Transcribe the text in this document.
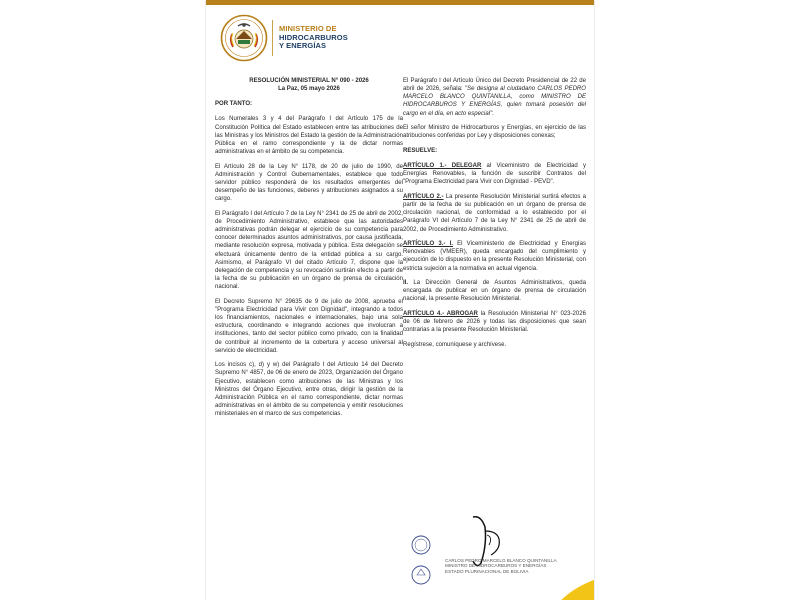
MINISTERIO DE
HIDROCARBUROS
Y ENERGÍAS
RESOLUCIÓN MINISTERIAL N° 090 - 2026
La Paz, 05 mayo 2026
POR TANTO:

Los Numerales 3 y 4 del Parágrafo I del Artículo 175 de la Constitución Política del Estado establecen entre las atribuciones de las Ministras y los Ministros del Estado la gestión de la Administración Pública en el ramo correspondiente y la de dictar normas administrativas en el ámbito de su competencia.

El Artículo 28 de la Ley N° 1178, de 20 de julio de 1990, de Administración y Control Gubernamentales, establece que todo servidor público responderá de los resultados emergentes del desempeño de las funciones, deberes y atribuciones asignados a su cargo.

El Parágrafo I del Artículo 7 de la Ley N° 2341 de 25 de abril de 2002, de Procedimiento Administrativo, establece que las autoridades administrativas podrán delegar el ejercicio de su competencia para conocer determinados asuntos administrativos, por causa justificada, mediante resolución expresa, motivada y pública. Esta delegación se efectuará únicamente dentro de la entidad pública a su cargo. Asimismo, el Parágrafo VI del citado Artículo 7, dispone que la delegación de competencia y su revocación surtirán efecto a partir de la fecha de su publicación en un órgano de prensa de circulación nacional.

El Decreto Supremo N° 29635 de 9 de julio de 2008, aprueba el "Programa Electricidad para Vivir con Dignidad", integrando a todos los financiamientos, nacionales e internacionales, bajo una sola estructura, coordinando e integrando acciones que involucran a instituciones, tanto del sector público como privado, con la finalidad de contribuir al incremento de la cobertura y acceso universal al servicio de electricidad.

Los incisos c), d) y w) del Parágrafo I del Artículo 14 del Decreto Supremo N° 4857, de 06 de enero de 2023, Organización del Órgano Ejecutivo, establecen como atribuciones de las Ministras y los Ministros del Órgano Ejecutivo, entre otras, dirigir la gestión de la Administración Pública en el ramo correspondiente, dictar normas administrativas en el ámbito de su competencia y emitir resoluciones ministeriales en el marco de sus competencias.

El Parágrafo I del Artículo Único del Decreto Presidencial de 22 de abril de 2026, señala: "Se designa al ciudadano CARLOS PEDRO MARCELO BLANCO QUINTANILLA, como MINISTRO DE HIDROCARBUROS Y ENERGÍAS, quien tomará posesión del cargo en el día, en acto especial".

El señor Ministro de Hidrocarburos y Energías, en ejercicio de las atribuciones conferidas por Ley y disposiciones conexas;

RESUELVE:

ARTÍCULO 1.- DELEGAR al Viceministro de Electricidad y Energías Renovables, la función de suscribir Contratos del "Programa Electricidad para Vivir con Dignidad - PEVD".

ARTÍCULO 2.- La presente Resolución Ministerial surtirá efectos a partir de la fecha de su publicación en un órgano de prensa de circulación nacional, de conformidad a lo establecido por el Parágrafo VI del Artículo 7 de la Ley N° 2341 de 25 de abril de 2002, de Procedimiento Administrativo.

ARTÍCULO 3.- I. El Viceministerio de Electricidad y Energías Renovables (VMEER), queda encargado del cumplimiento y ejecución de lo dispuesto en la presente Resolución Ministerial, con estricta sujeción a la normativa en actual vigencia.

II. La Dirección General de Asuntos Administrativos, queda encargada de publicar en un órgano de prensa de circulación nacional, la presente Resolución Ministerial.

ARTÍCULO 4.- ABROGAR la Resolución Ministerial N° 023-2026 de 06 de febrero de 2026 y todas las disposiciones que sean contrarias a la presente Resolución Ministerial.

Regístrese, comuníquese y archívese.

CARLOS PEDRO MARCELO BLANCO QUINTANILLA
MINISTRO DE HIDROCARBUROS Y ENERGÍAS
ESTADO PLURINACIONAL DE BOLIVIA
